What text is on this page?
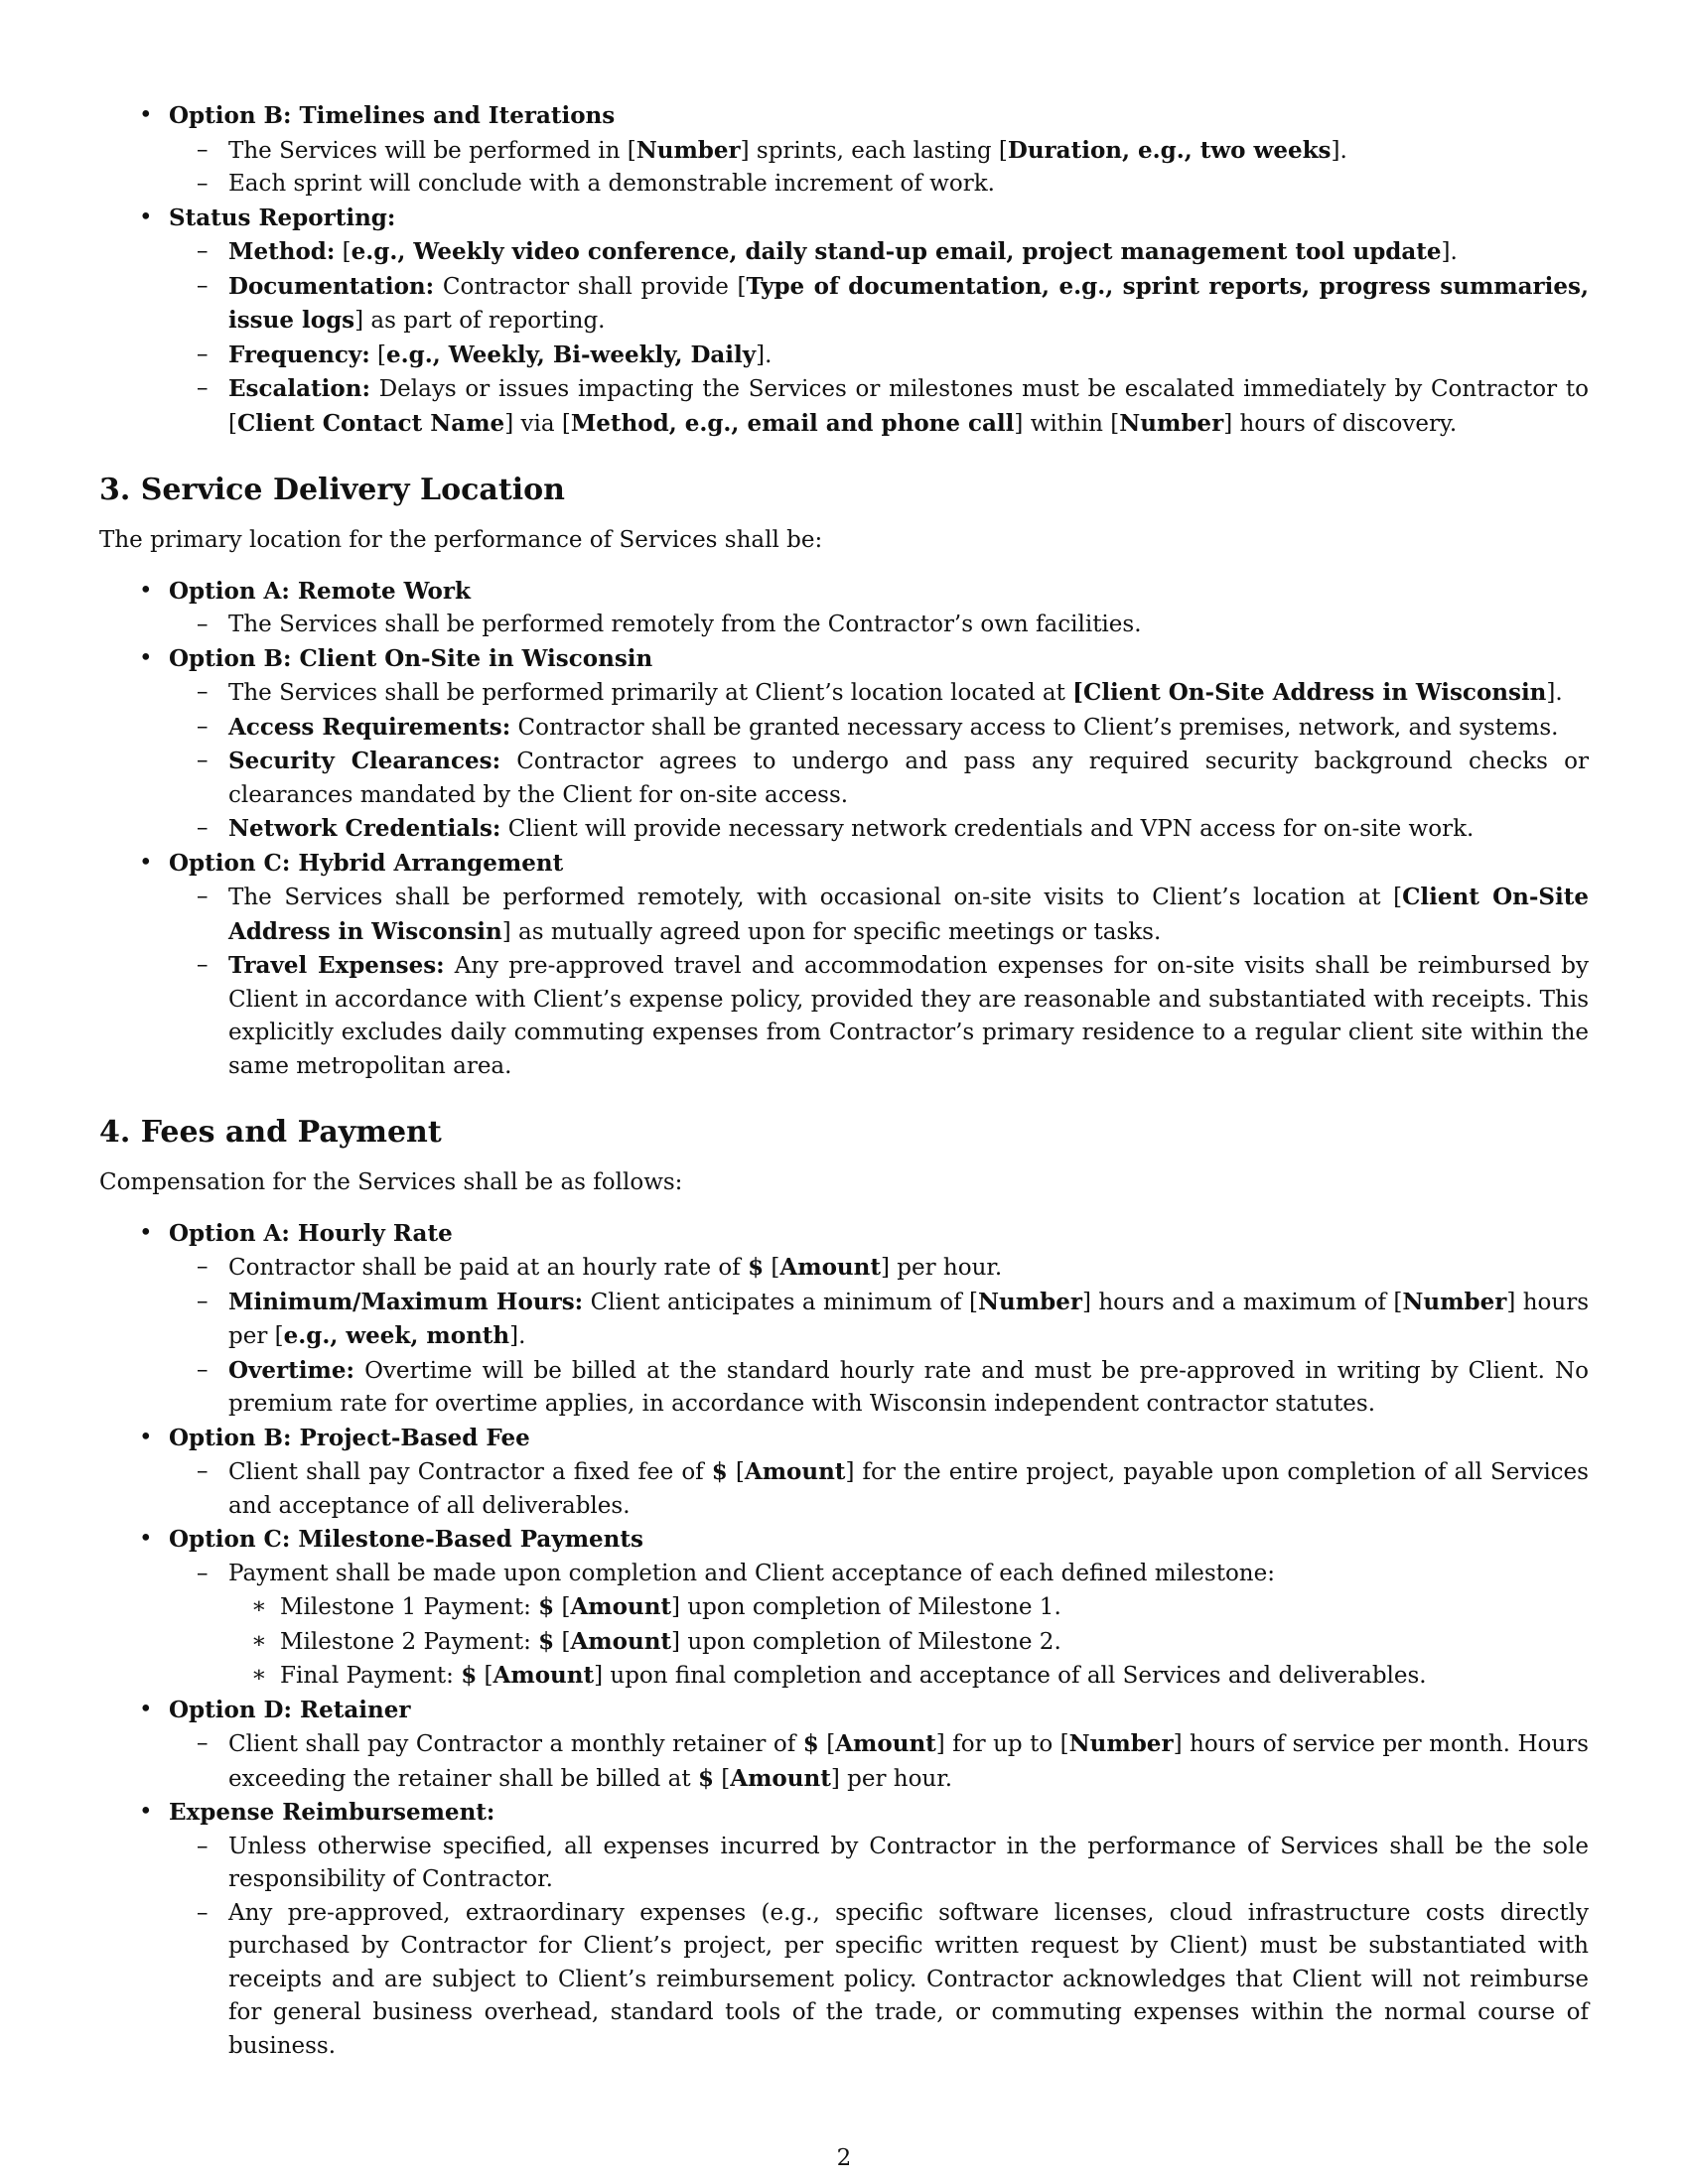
• Option B: Timelines and Iterations

– The Services will be performed in [Number] sprints, each lasting [Duration, e.g., two weeks].

– Each sprint will conclude with a demonstrable increment of work.

• Status Reporting:

– Method: [e.g., Weekly video conference, daily stand-up email, project management tool update].

– Documentation: Contractor shall provide [Type of documentation, e.g., sprint reports, progress summaries, issue logs] as part of reporting.

– Frequency: [e.g., Weekly, Bi-weekly, Daily].

– Escalation: Delays or issues impacting the Services or milestones must be escalated immediately by Contractor to [Client Contact Name] via [Method, e.g., email and phone call] within [Number] hours of discovery.

3. Service Delivery Location

The primary location for the performance of Services shall be:

• Option A: Remote Work

– The Services shall be performed remotely from the Contractor’s own facilities.

• Option B: Client On-Site in Wisconsin

– The Services shall be performed primarily at Client’s location located at [Client On-Site Address in Wisconsin].

– Access Requirements: Contractor shall be granted necessary access to Client’s premises, network, and systems.

– Security Clearances: Contractor agrees to undergo and pass any required security background checks or clearances mandated by the Client for on-site access.

– Network Credentials: Client will provide necessary network credentials and VPN access for on-site work.

• Option C: Hybrid Arrangement

– The Services shall be performed remotely, with occasional on-site visits to Client’s location at [Client On-Site Address in Wisconsin] as mutually agreed upon for specific meetings or tasks.

– Travel Expenses: Any pre-approved travel and accommodation expenses for on-site visits shall be reimbursed by Client in accordance with Client’s expense policy, provided they are reasonable and substantiated with receipts. This explicitly excludes daily commuting expenses from Contractor’s primary residence to a regular client site within the same metropolitan area.

4. Fees and Payment

Compensation for the Services shall be as follows:

• Option A: Hourly Rate

– Contractor shall be paid at an hourly rate of $ [Amount] per hour.

– Minimum/Maximum Hours: Client anticipates a minimum of [Number] hours and a maximum of [Number] hours per [e.g., week, month].

– Overtime: Overtime will be billed at the standard hourly rate and must be pre-approved in writing by Client. No premium rate for overtime applies, in accordance with Wisconsin independent contractor statutes.

• Option B: Project-Based Fee

– Client shall pay Contractor a fixed fee of $ [Amount] for the entire project, payable upon completion of all Services and acceptance of all deliverables.

• Option C: Milestone-Based Payments

– Payment shall be made upon completion and Client acceptance of each defined milestone:

∗ Milestone 1 Payment: $ [Amount] upon completion of Milestone 1.

∗ Milestone 2 Payment: $ [Amount] upon completion of Milestone 2.

∗ Final Payment: $ [Amount] upon final completion and acceptance of all Services and deliverables.

• Option D: Retainer

– Client shall pay Contractor a monthly retainer of $ [Amount] for up to [Number] hours of service per month. Hours exceeding the retainer shall be billed at $ [Amount] per hour.

• Expense Reimbursement:

– Unless otherwise specified, all expenses incurred by Contractor in the performance of Services shall be the sole responsibility of Contractor.

– Any pre-approved, extraordinary expenses (e.g., specific software licenses, cloud infrastructure costs directly purchased by Contractor for Client’s project, per specific written request by Client) must be substantiated with receipts and are subject to Client’s reimbursement policy. Contractor acknowledges that Client will not reimburse for general business overhead, standard tools of the trade, or commuting expenses within the normal course of business.

2
